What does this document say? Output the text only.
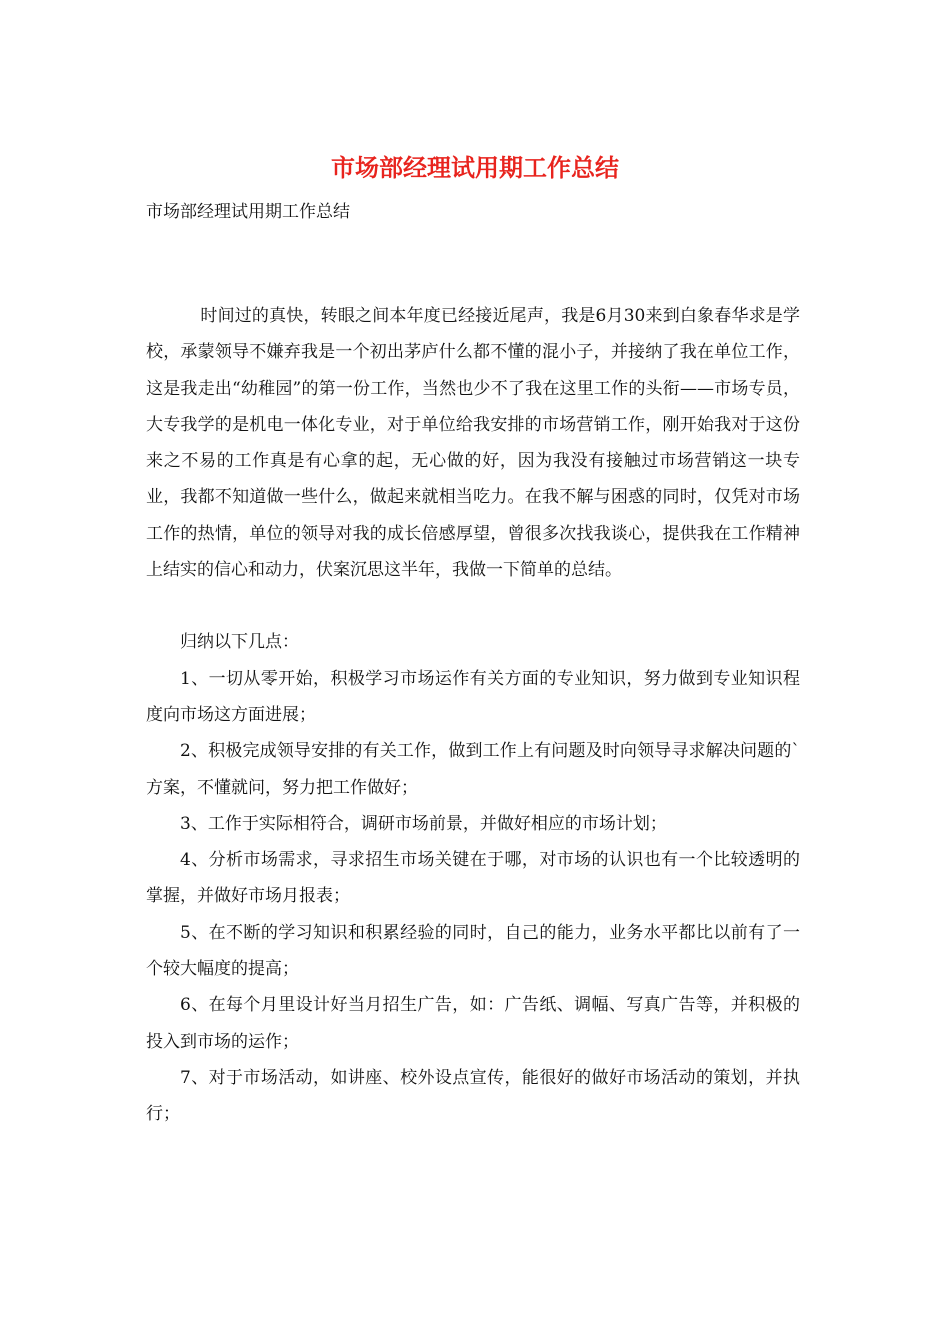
市场部经理试用期工作总结

市场部经理试用期工作总结

时间过的真快，转眼之间本年度已经接近尾声，我是6月30来到白象春华求是学校，承蒙领导不嫌弃我是一个初出茅庐什么都不懂的混小子，并接纳了我在单位工作，这是我走出“幼稚园”的第一份工作，当然也少不了我在这里工作的头衔——市场专员，大专我学的是机电一体化专业，对于单位给我安排的市场营销工作，刚开始我对于这份来之不易的工作真是有心拿的起，无心做的好，因为我没有接触过市场营销这一块专业，我都不知道做一些什么，做起来就相当吃力。在我不解与困惑的同时，仅凭对市场工作的热情，单位的领导对我的成长倍感厚望，曾很多次找我谈心，提供我在工作精神上结实的信心和动力，伏案沉思这半年，我做一下简单的总结。

归纳以下几点：

1、一切从零开始，积极学习市场运作有关方面的专业知识，努力做到专业知识程度向市场这方面进展；

2、积极完成领导安排的有关工作，做到工作上有问题及时向领导寻求解决问题的`方案，不懂就问，努力把工作做好；

3、工作于实际相符合，调研市场前景，并做好相应的市场计划；

4、分析市场需求，寻求招生市场关键在于哪，对市场的认识也有一个比较透明的掌握，并做好市场月报表；

5、在不断的学习知识和积累经验的同时，自己的能力，业务水平都比以前有了一个较大幅度的提高；

6、在每个月里设计好当月招生广告，如：广告纸、调幅、写真广告等，并积极的投入到市场的运作；

7、对于市场活动，如讲座、校外设点宣传，能很好的做好市场活动的策划，并执行；
